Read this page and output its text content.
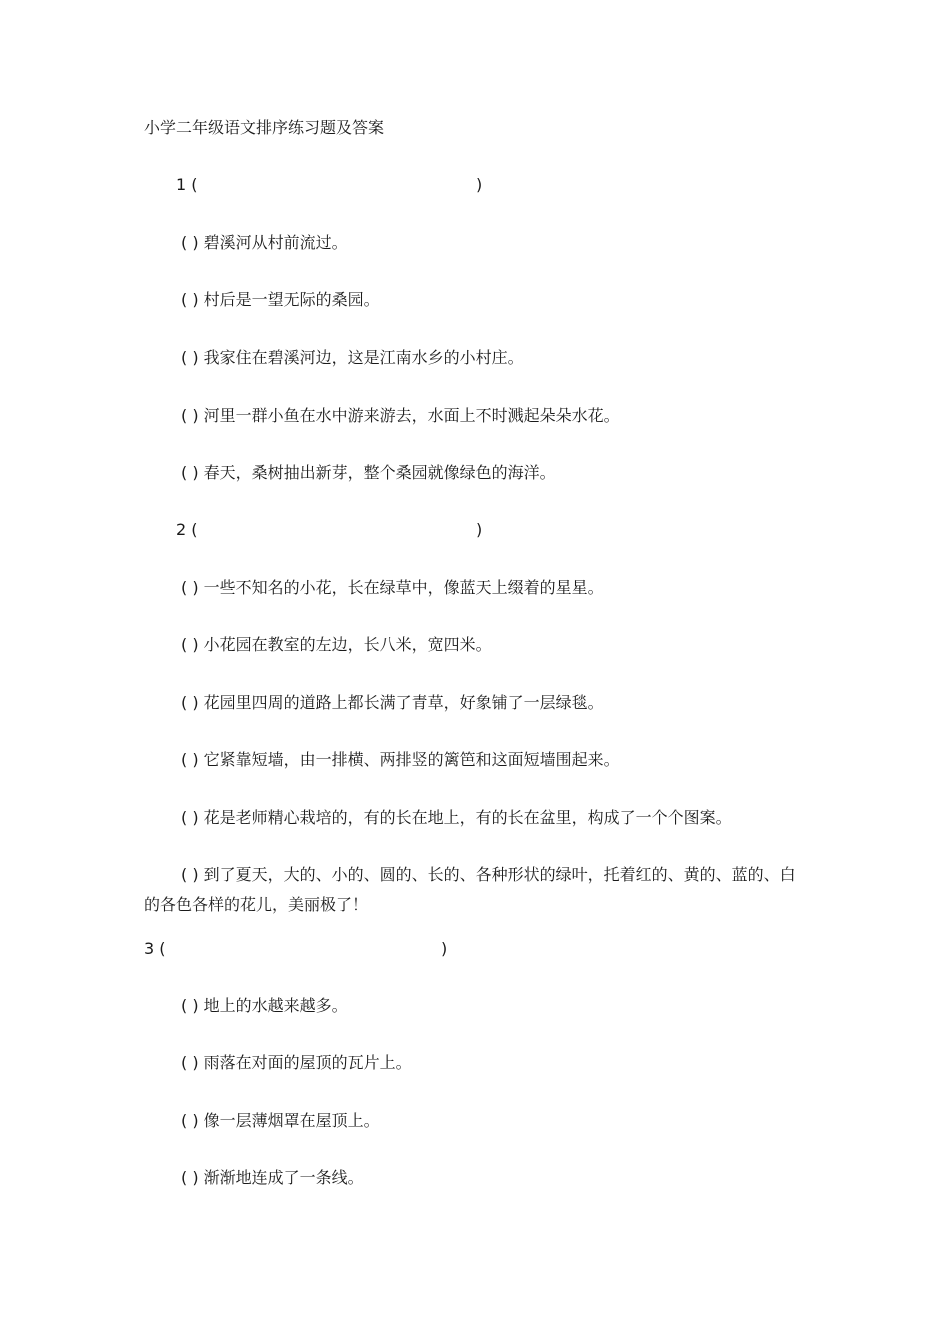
小学二年级语文排序练习题及答案
1 (	)
( ) 碧溪河从村前流过。
( ) 村后是一望无际的桑园。
( ) 我家住在碧溪河边，这是江南水乡的小村庄。
( ) 河里一群小鱼在水中游来游去，水面上不时溅起朵朵水花。
( ) 春天，桑树抽出新芽，整个桑园就像绿色的海洋。
2 (	)
( ) 一些不知名的小花，长在绿草中，像蓝天上缀着的星星。
( ) 小花园在教室的左边，长八米，宽四米。
( ) 花园里四周的道路上都长满了青草，好象铺了一层绿毯。
( ) 它紧靠短墙，由一排横、两排竖的篱笆和这面短墙围起来。
( ) 花是老师精心栽培的，有的长在地上，有的长在盆里，构成了一个个图案。
( ) 到了夏天，大的、小的、圆的、长的、各种形状的绿叶，托着红的、黄的、蓝的、白的各色各样的花儿，美丽极了！
3 (	)
( ) 地上的水越来越多。
( ) 雨落在对面的屋顶的瓦片上。
( ) 像一层薄烟罩在屋顶上。
( ) 渐渐地连成了一条线。
